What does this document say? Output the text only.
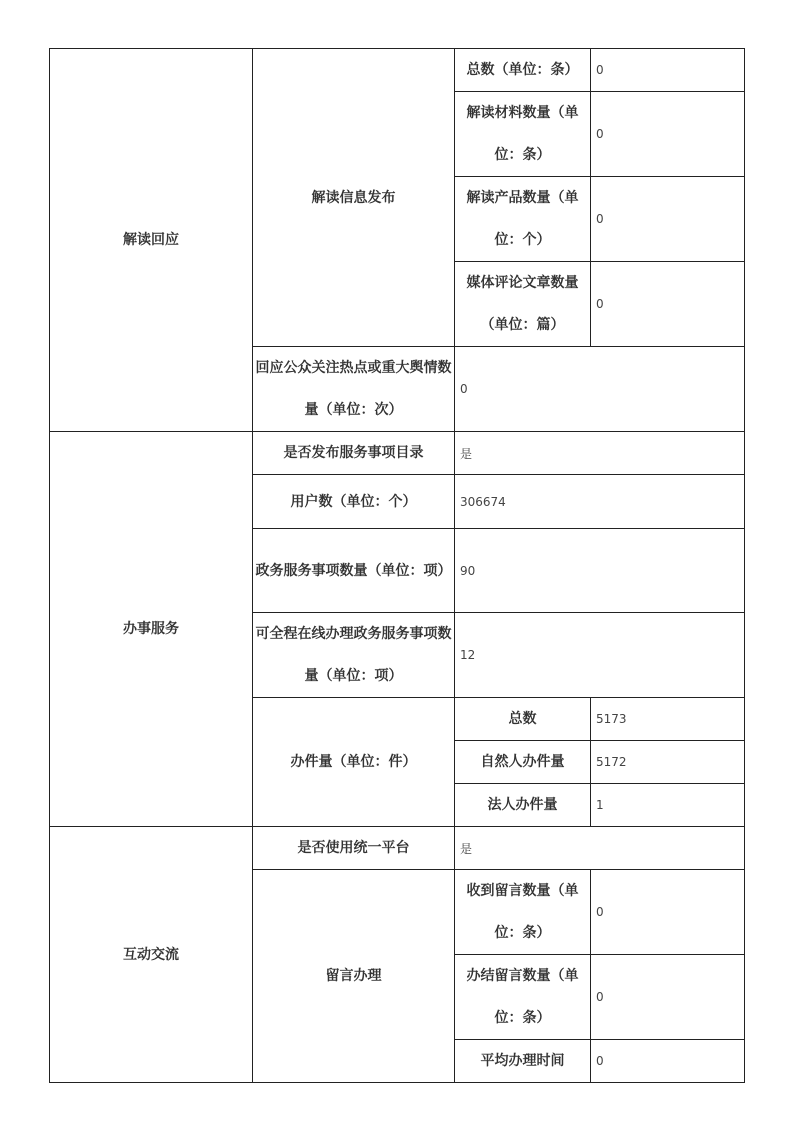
解读回应	解读信息发布	总数（单位：条）	0
		解读材料数量（单位：条）	0

		解读产品数量（单位：个）	0
		媒体评论文章数量（单位：篇）	0
	回应公众关注热点或重大舆情数量（单位：次）	0	
办事服务	是否发布服务事项目录	是	
	用户数（单位：个）	306674	
	政务服务事项数量（单位：项）	90	
	可全程在线办理政务服务事项数量（单位：项）	12	
	办件量（单位：件）	总数	5173
		自然人办件量	5172
		法人办件量	1
互动交流	是否使用统一平台	是	
	留言办理	收到留言数量（单位：条）	0
		办结留言数量（单位：条）	0
		平均办理时间	0
